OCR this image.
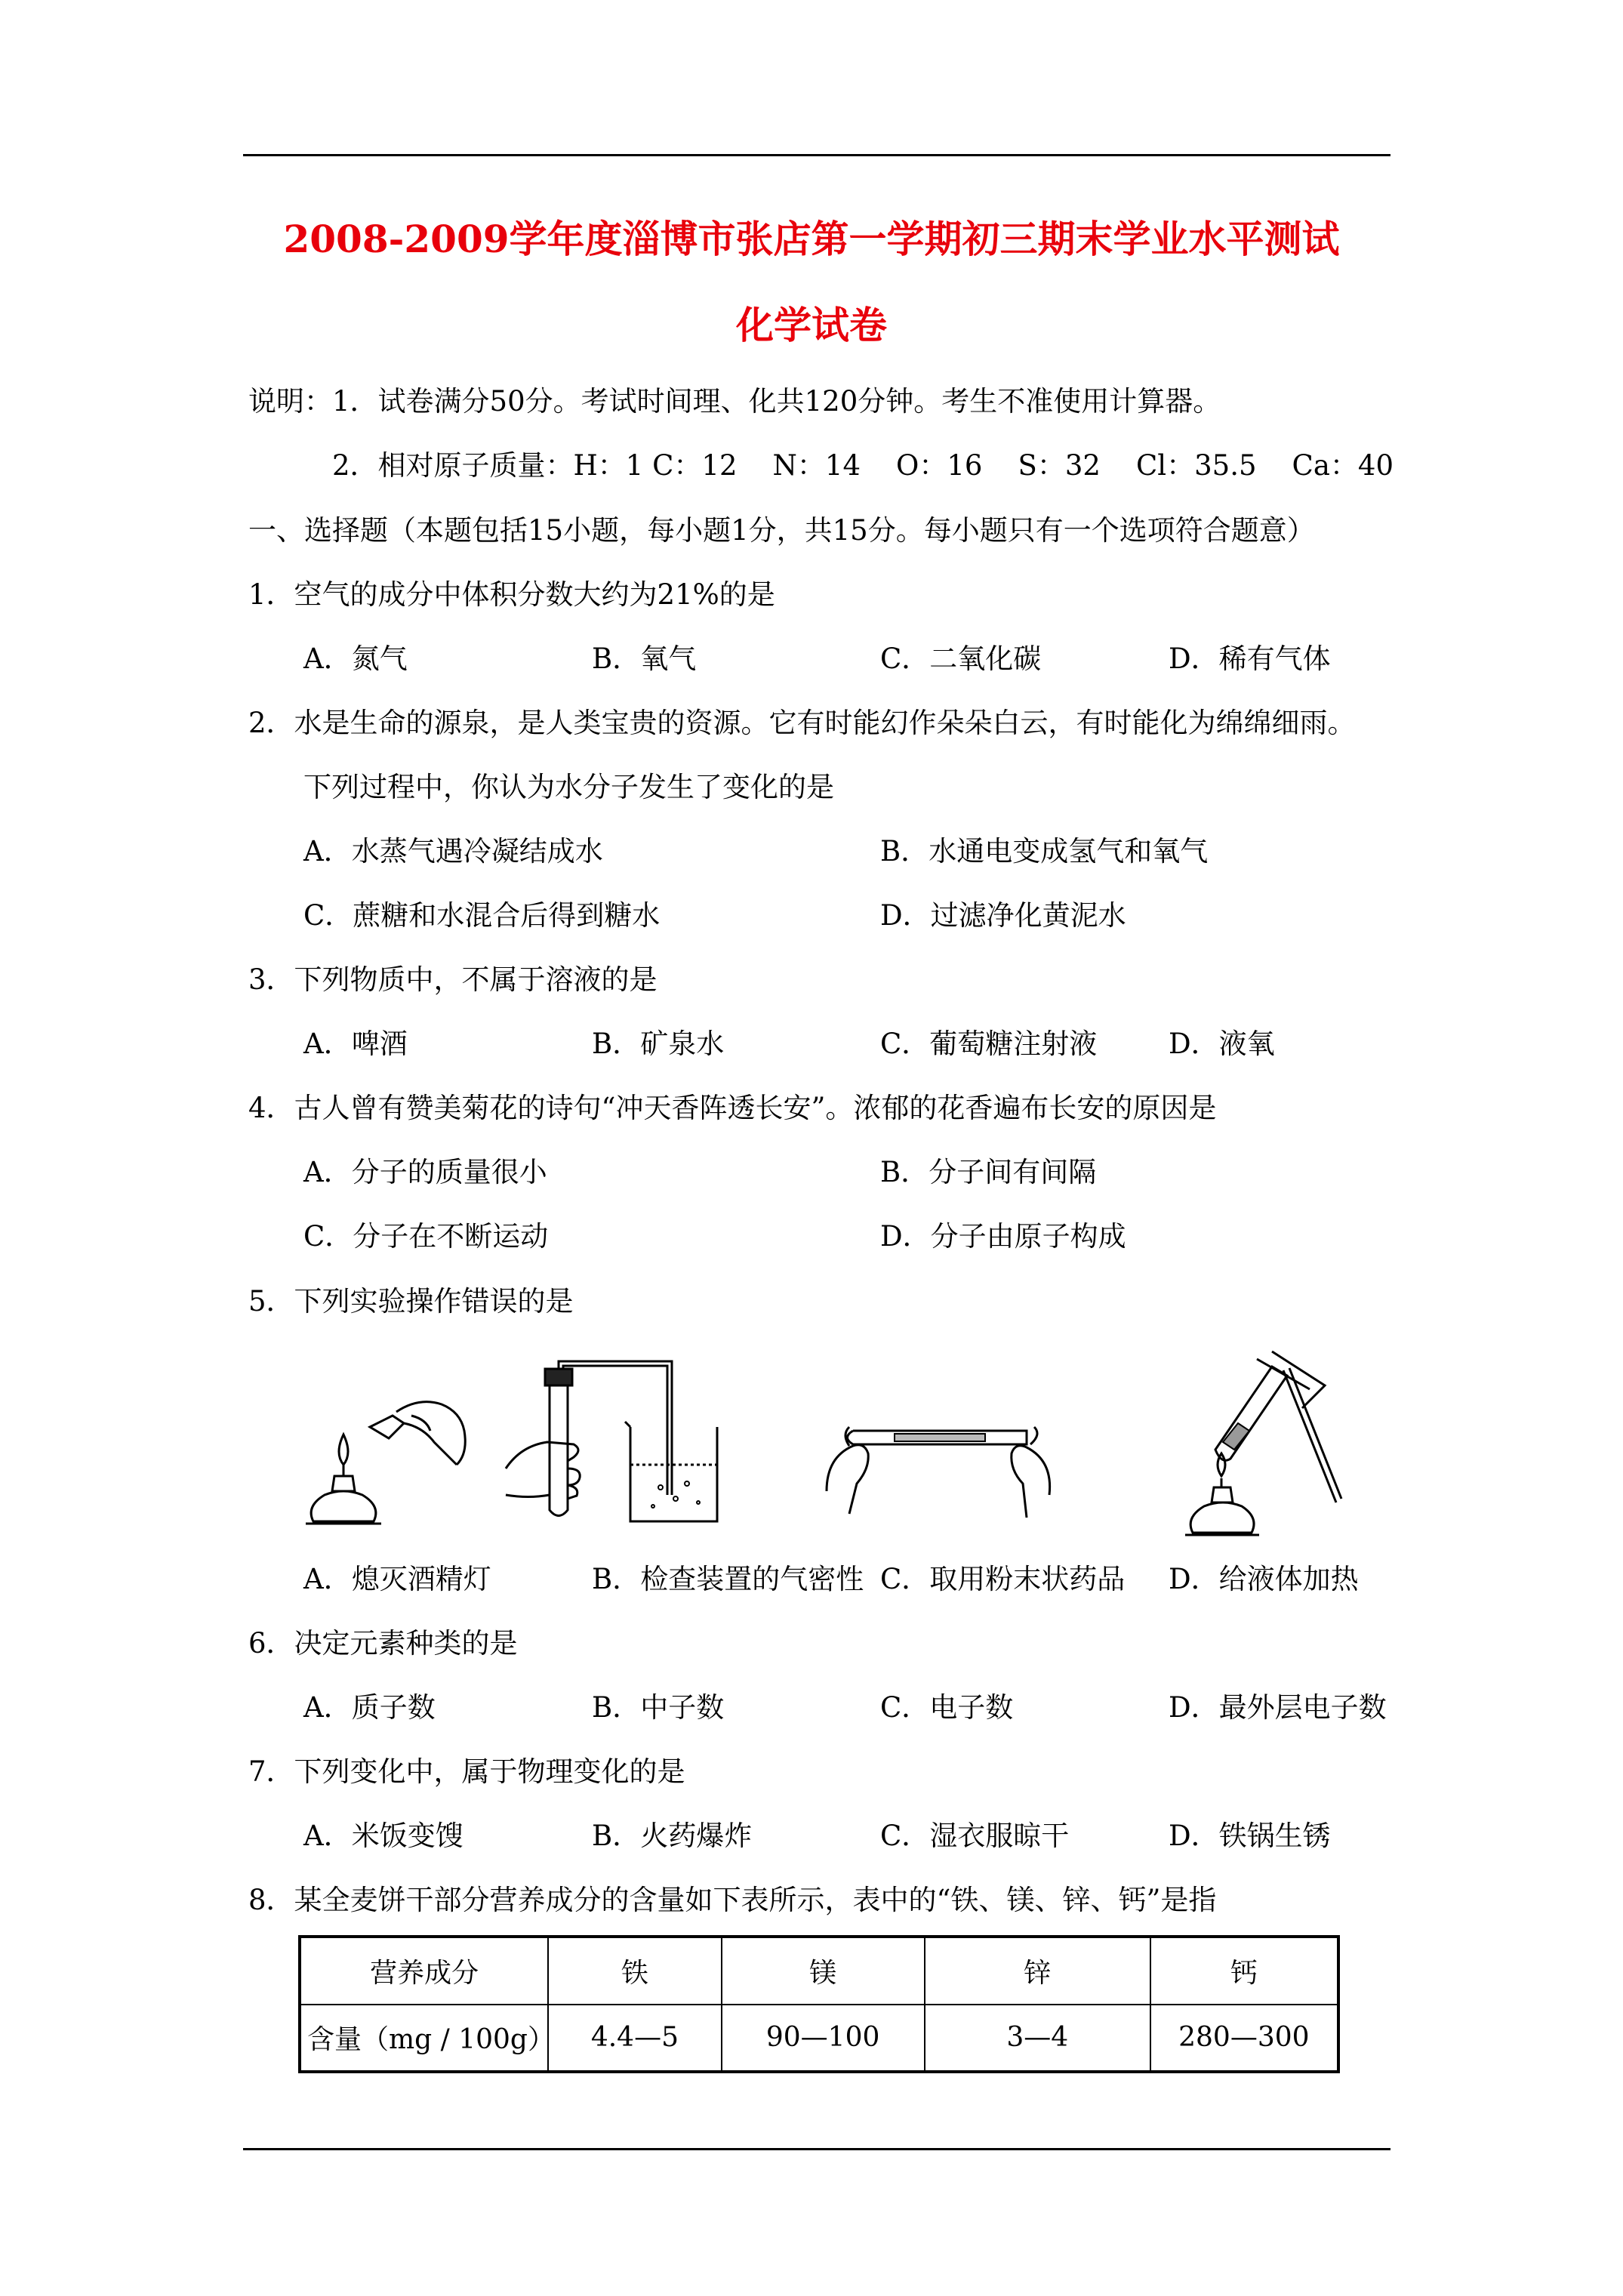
2008-2009学年度淄博市张店第一学期初三期末学业水平测试
化学试卷
说明：1．试卷满分50分。考试时间理、化共120分钟。考生不准使用计算器。
2．相对原子质量：H：1 C：12    N：14    O：16    S：32    Cl：35.5    Ca：40
一、选择题（本题包括15小题，每小题1分，共15分。每小题只有一个选项符合题意）
1．空气的成分中体积分数大约为21%的是
A．氮气	B．氧气	C．二氧化碳	D．稀有气体
2．水是生命的源泉，是人类宝贵的资源。它有时能幻作朵朵白云，有时能化为绵绵细雨。
下列过程中，你认为水分子发生了变化的是
A．水蒸气遇冷凝结成水	B．水通电变成氢气和氧气
C．蔗糖和水混合后得到糖水	D．过滤净化黄泥水
3．下列物质中，不属于溶液的是
A．啤酒	B．矿泉水	C．葡萄糖注射液	D．液氧
4．古人曾有赞美菊花的诗句“冲天香阵透长安”。浓郁的花香遍布长安的原因是
A．分子的质量很小	B．分子间有间隔
C．分子在不断运动	D．分子由原子构成
5．下列实验操作错误的是
A．熄灭酒精灯	B．检查装置的气密性 C．取用粉末状药品 D．给液体加热
6．决定元素种类的是
A．质子数	B．中子数	C．电子数	D．最外层电子数
7．下列变化中，属于物理变化的是
A．米饭变馊	B．火药爆炸	C．湿衣服晾干	D．铁锅生锈
8．某全麦饼干部分营养成分的含量如下表所示，表中的“铁、镁、锌、钙”是指
营养成分	铁	镁	锌	钙
含量（mg / 100g）	4.4—5	90—100	3—4	280—300
